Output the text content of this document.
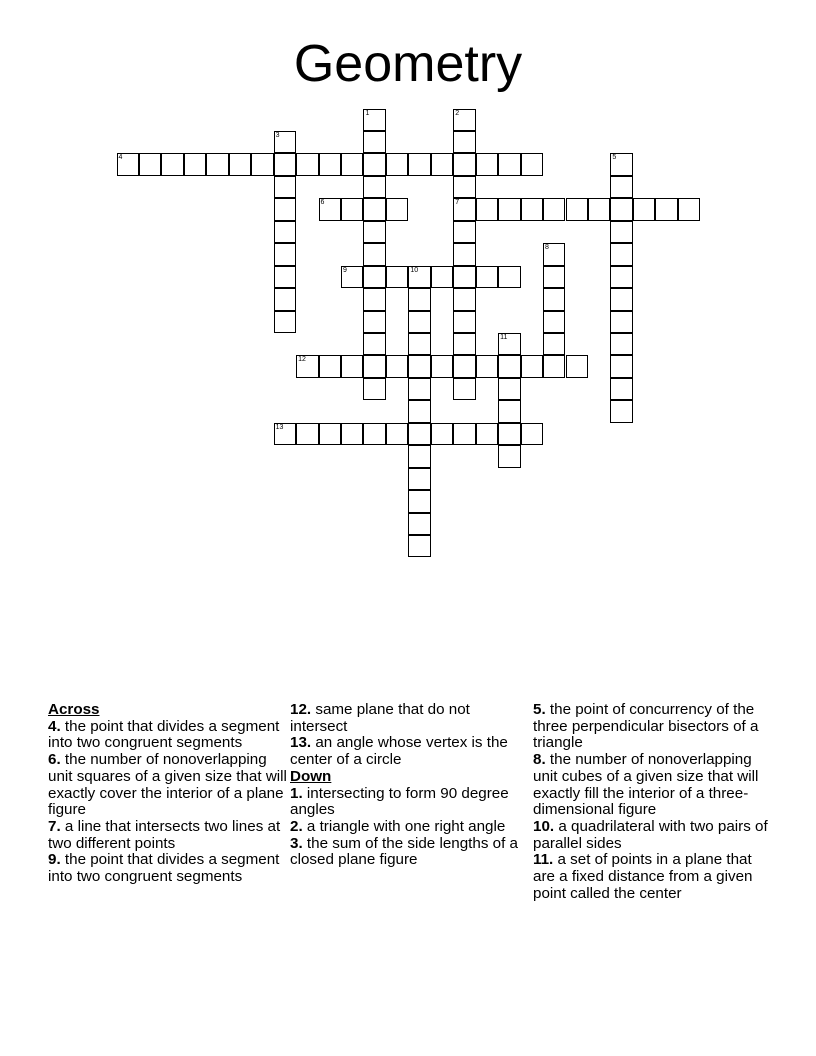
Geometry
1	2
7
3
4	5
6
8
9	10
11
12
13
Across
4. the point that divides a segment into two congruent segments
6. the number of nonoverlapping unit squares of a given size that will exactly cover the interior of a plane figure
7. a line that intersects two lines at two different points
9. the point that divides a segment into two congruent segments
12. same plane that do not intersect
13. an angle whose vertex is the center of a circle
Down
1. intersecting to form 90 degree angles
2. a triangle with one right angle
3. the sum of the side lengths of a closed plane figure
5. the point of concurrency of the three perpendicular bisectors of a triangle
8. the number of nonoverlapping unit cubes of a given size that will exactly fill the interior of a three-dimensional figure
10. a quadrilateral with two pairs of parallel sides
11. a set of points in a plane that are a fixed distance from a given point called the center
